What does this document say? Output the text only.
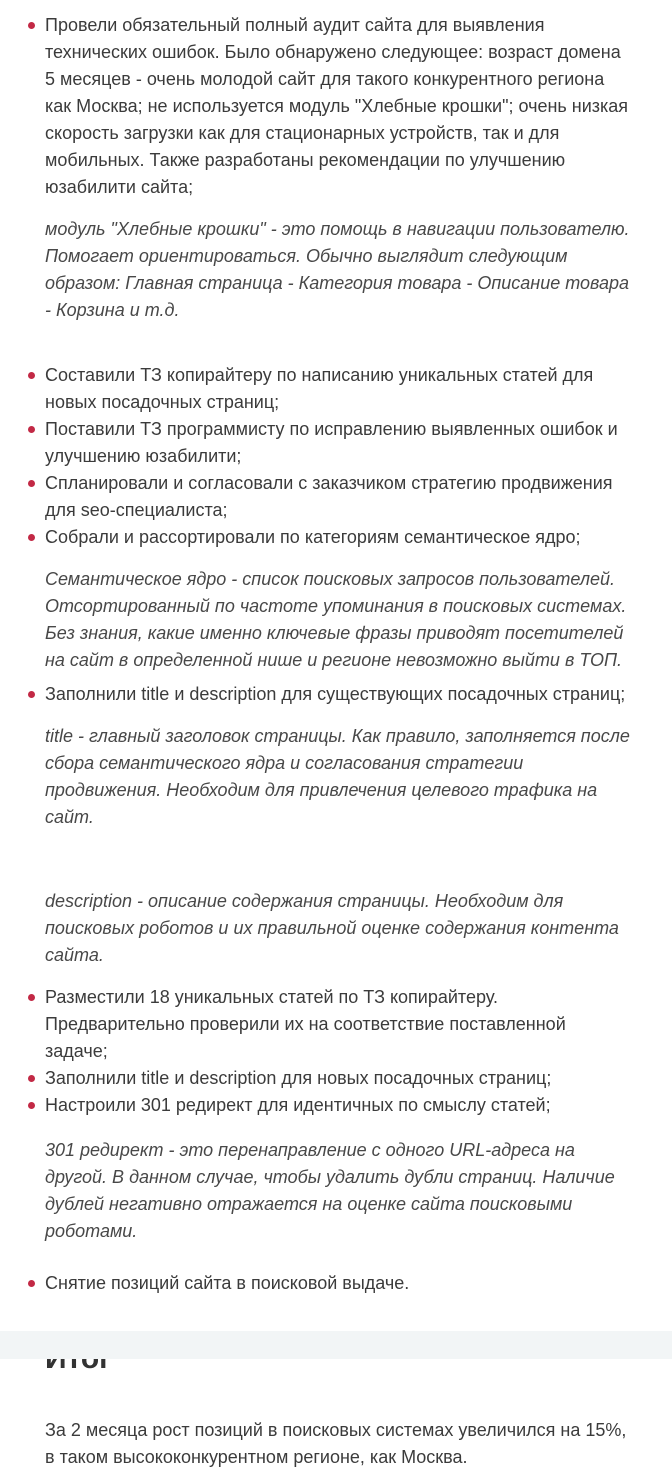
Провели обязательный полный аудит сайта для выявления технических ошибок. Было обнаружено следующее: возраст домена 5 месяцев - очень молодой сайт для такого конкурентного региона как Москва; не используется модуль "Хлебные крошки"; очень низкая скорость загрузки как для стационарных устройств, так и для мобильных. Также разработаны рекомендации по улучшению юзабилити сайта;

модуль "Хлебные крошки" - это помощь в навигации пользователю. Помогает ориентироваться. Обычно выглядит следующим образом: Главная страница - Категория товара - Описание товара - Корзина и т.д.

Составили ТЗ копирайтеру по написанию уникальных статей для новых посадочных страниц;
Поставили ТЗ программисту по исправлению выявленных ошибок и улучшению юзабилити;
Спланировали и согласовали с заказчиком стратегию продвижения для seo-специалиста;
Собрали и рассортировали по категориям семантическое ядро;

Семантическое ядро - список поисковых запросов пользователей. Отсортированный по частоте упоминания в поисковых системах. Без знания, какие именно ключевые фразы приводят посетителей на сайт в определенной нише и регионе невозможно выйти в ТОП.

Заполнили title и description для существующих посадочных страниц;

title - главный заголовок страницы. Как правило, заполняется после сбора семантического ядра и согласования стратегии продвижения. Необходим для привлечения целевого трафика на сайт.

description - описание содержания страницы. Необходим для поисковых роботов и их правильной оценке содержания контента сайта.

Разместили 18 уникальных статей по ТЗ копирайтеру. Предварительно проверили их на соответствие поставленной задаче;
Заполнили title и description для новых посадочных страниц;
Настроили 301 редирект для идентичных по смыслу статей;

301 редирект - это перенаправление с одного URL-адреса на другой. В данном случае, чтобы удалить дубли страниц. Наличие дублей негативно отражается на оценке сайта поисковыми роботами.

Снятие позиций сайта в поисковой выдаче.

За 2 месяца рост позиций в поисковых системах увеличился на 15%, в таком высококонкурентном регионе, как Москва.
